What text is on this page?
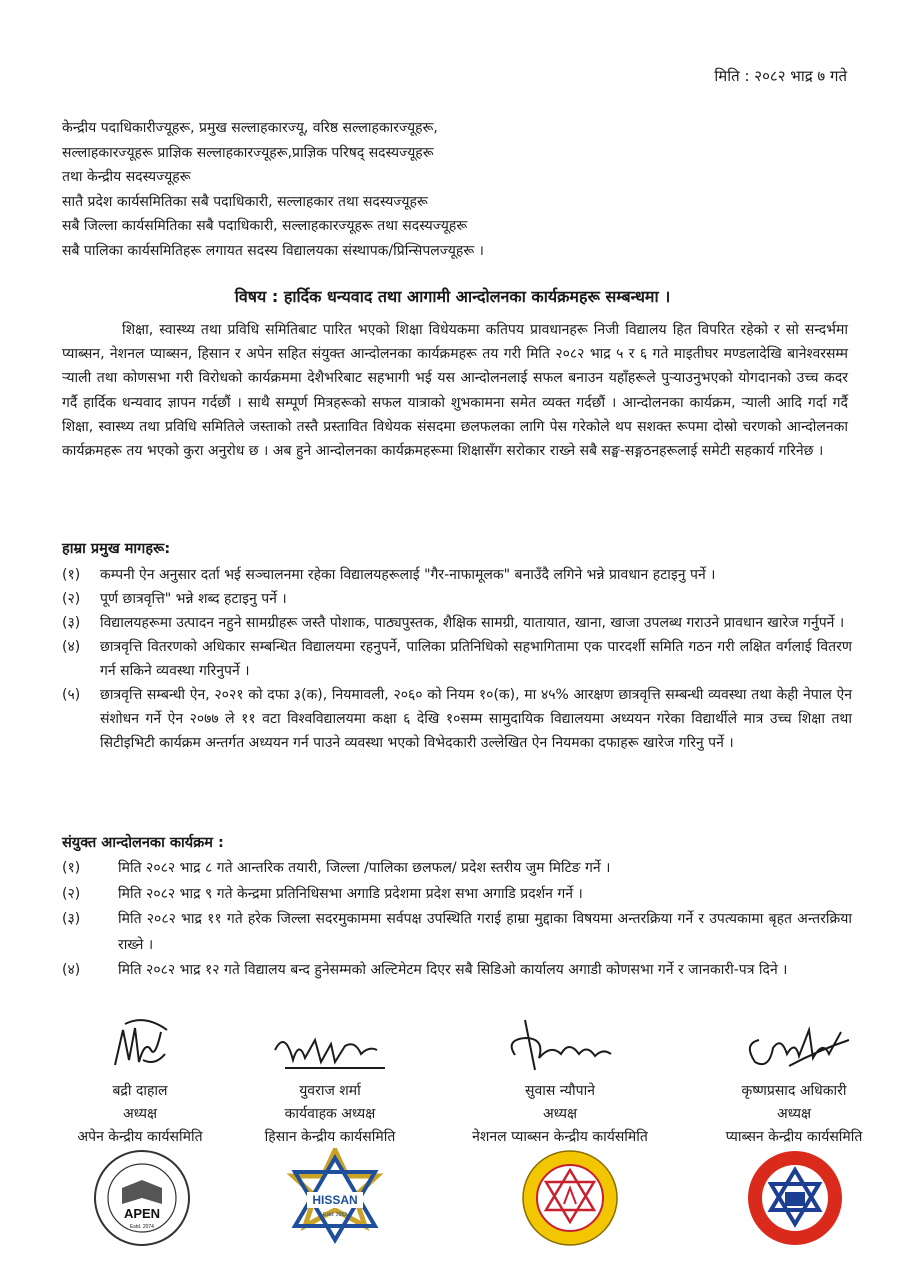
मिति : २०८२ भाद्र ७ गते
केन्द्रीय पदाधिकारीज्यूहरू, प्रमुख सल्लाहकारज्यू, वरिष्ठ सल्लाहकारज्यूहरू,
सल्लाहकारज्यूहरू प्राज्ञिक सल्लाहकारज्यूहरू,प्राज्ञिक परिषद् सदस्यज्यूहरू
तथा केन्द्रीय सदस्यज्यूहरू
सातै प्रदेश कार्यसमितिका सबै पदाधिकारी, सल्लाहकार तथा सदस्यज्यूहरू
सबै जिल्ला कार्यसमितिका सबै पदाधिकारी, सल्लाहकारज्यूहरू तथा सदस्यज्यूहरू
सबै पालिका कार्यसमितिहरू लगायत सदस्य विद्यालयका संस्थापक/प्रिन्सिपलज्यूहरू ।
विषय : हार्दिक धन्यवाद तथा आगामी आन्दोलनका कार्यक्रमहरू सम्बन्धमा ।

शिक्षा, स्वास्थ्य तथा प्रविधि समितिबाट पारित भएको शिक्षा विधेयकमा कतिपय प्रावधानहरू निजी विद्यालय हित विपरित रहेको र सो सन्दर्भमा प्याब्सन, नेशनल प्याब्सन, हिसान र अपेन सहित संयुक्त आन्दोलनका कार्यक्रमहरू तय गरी मिति २०८२ भाद्र ५ र ६ गते माइतीघर मण्डलादेखि बानेश्वरसम्म र्‍याली तथा कोणसभा गरी विरोधको कार्यक्रममा देशैभरिबाट सहभागी भई यस आन्दोलनलाई सफल बनाउन यहाँहरूले पुऱ्याउनुभएको योगदानको उच्च कदर गर्दै हार्दिक धन्यवाद ज्ञापन गर्दछौं । साथै सम्पूर्ण मित्रहरूको सफल यात्राको शुभकामना समेत व्यक्त गर्दछौं । आन्दोलनका कार्यक्रम, र्‍याली आदि गर्दा गर्दै शिक्षा, स्वास्थ्य तथा प्रविधि समितिले जस्ताको तस्तै प्रस्तावित विधेयक संसदमा छलफलका लागि पेस गरेकोले थप सशक्त रूपमा दोस्रो चरणको आन्दोलनका कार्यक्रमहरू तय भएको कुरा अनुरोध छ । अब हुने आन्दोलनका कार्यक्रमहरूमा शिक्षासँग सरोकार राख्ने सबै सङ्घ-सङ्गठनहरूलाई समेटी सहकार्य गरिनेछ ।

हाम्रा प्रमुख मागहरू:
(१)	कम्पनी ऐन अनुसार दर्ता भई सञ्चालनमा रहेका विद्यालयहरूलाई "गैर-नाफामूलक" बनाउँदै लगिने भन्ने प्रावधान हटाइनु पर्ने ।
(२)	पूर्ण छात्रवृत्ति" भन्ने शब्द हटाइनु पर्ने ।
(३)	विद्यालयहरूमा उत्पादन नहुने सामग्रीहरू जस्तै पोशाक, पाठ्यपुस्तक, शैक्षिक सामग्री, यातायात, खाना, खाजा उपलब्ध गराउने प्रावधान खारेज गर्नुपर्ने ।
(४)	छात्रवृत्ति वितरणको अधिकार सम्बन्धित विद्यालयमा रहनुपर्ने, पालिका प्रतिनिधिको सहभागितामा एक पारदर्शी समिति गठन गरी लक्षित वर्गलाई वितरण गर्न सकिने व्यवस्था गरिनुपर्ने ।
(५)	छात्रवृत्ति सम्बन्धी ऐन, २०२१ को दफा ३(क), नियमावली, २०६० को नियम १०(क), मा ४५% आरक्षण छात्रवृत्ति सम्बन्धी व्यवस्था तथा केही नेपाल ऐन संशोधन गर्ने ऐन २०७७ ले ११ वटा विश्वविद्यालयमा कक्षा ६ देखि १०सम्म सामुदायिक विद्यालयमा अध्ययन गरेका विद्यार्थीले मात्र उच्च शिक्षा तथा सिटीइभिटी कार्यक्रम अन्तर्गत अध्ययन गर्न पाउने व्यवस्था भएको विभेदकारी उल्लेखित ऐन नियमका दफाहरू खारेज गरिनु पर्ने ।
संयुक्त आन्दोलनका कार्यक्रम :
(१)	मिति २०८२ भाद्र ८ गते आन्तरिक तयारी, जिल्ला /पालिका छलफल/ प्रदेश स्तरीय जुम मिटिङ गर्ने ।
(२)	मिति २०८२ भाद्र ९ गते केन्द्रमा प्रतिनिधिसभा अगाडि प्रदेशमा प्रदेश सभा अगाडि प्रदर्शन गर्ने ।
(३)	मिति २०८२ भाद्र ११ गते हरेक जिल्ला सदरमुकाममा सर्वपक्ष उपस्थिति गराई हाम्रा मुद्दाका विषयमा अन्तरक्रिया गर्ने र उपत्यकामा बृहत अन्तरक्रिया राख्ने ।
(४)	मिति २०८२ भाद्र १२ गते विद्यालय बन्द हुनेसम्मको अल्टिमेटम दिएर सबै सिडिओ कार्यालय अगाडी कोणसभा गर्ने र जानकारी-पत्र दिने ।
बद्री दाहाल
अध्यक्ष
अपेन केन्द्रीय कार्यसमिति
युवराज शर्मा
कार्यवाहक अध्यक्ष
हिसान केन्द्रीय कार्यसमिति
सुवास न्यौपाने
अध्यक्ष
नेशनल प्याब्सन केन्द्रीय कार्यसमिति
कृष्णप्रसाद अधिकारी
अध्यक्ष
प्याब्सन केन्द्रीय कार्यसमिति
APEN
Estd. 2074
HISSAN
Estd. 2053
